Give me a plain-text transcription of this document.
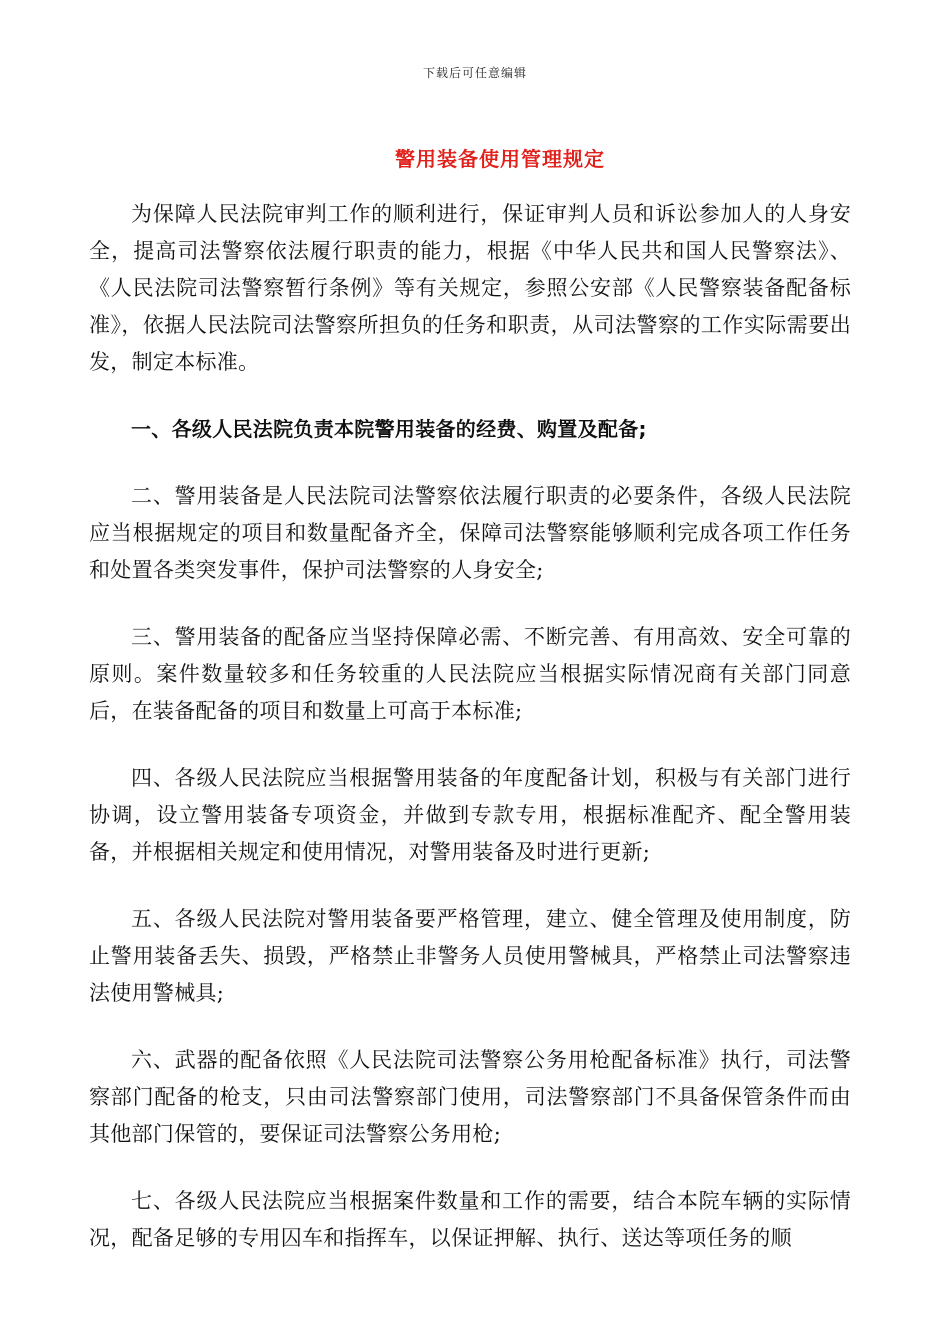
下载后可任意编辑
警用装备使用管理规定

为保障人民法院审判工作的顺利进行，保证审判人员和诉讼参加人的人身安全，提高司法警察依法履行职责的能力，根据《中华人民共和国人民警察法》、《人民法院司法警察暂行条例》等有关规定，参照公安部《人民警察装备配备标准》，依据人民法院司法警察所担负的任务和职责，从司法警察的工作实际需要出发，制定本标准。

一、各级人民法院负责本院警用装备的经费、购置及配备;

二、警用装备是人民法院司法警察依法履行职责的必要条件，各级人民法院应当根据规定的项目和数量配备齐全，保障司法警察能够顺利完成各项工作任务和处置各类突发事件，保护司法警察的人身安全;

三、警用装备的配备应当坚持保障必需、不断完善、有用高效、安全可靠的原则。案件数量较多和任务较重的人民法院应当根据实际情况商有关部门同意后，在装备配备的项目和数量上可高于本标准;

四、各级人民法院应当根据警用装备的年度配备计划，积极与有关部门进行协调，设立警用装备专项资金，并做到专款专用，根据标准配齐、配全警用装备，并根据相关规定和使用情况，对警用装备及时进行更新;

五、各级人民法院对警用装备要严格管理，建立、健全管理及使用制度，防止警用装备丢失、损毁，严格禁止非警务人员使用警械具，严格禁止司法警察违法使用警械具;

六、武器的配备依照《人民法院司法警察公务用枪配备标准》执行，司法警察部门配备的枪支，只由司法警察部门使用，司法警察部门不具备保管条件而由其他部门保管的，要保证司法警察公务用枪;

七、各级人民法院应当根据案件数量和工作的需要，结合本院车辆的实际情况，配备足够的专用囚车和指挥车，以保证押解、执行、送达等项任务的顺
